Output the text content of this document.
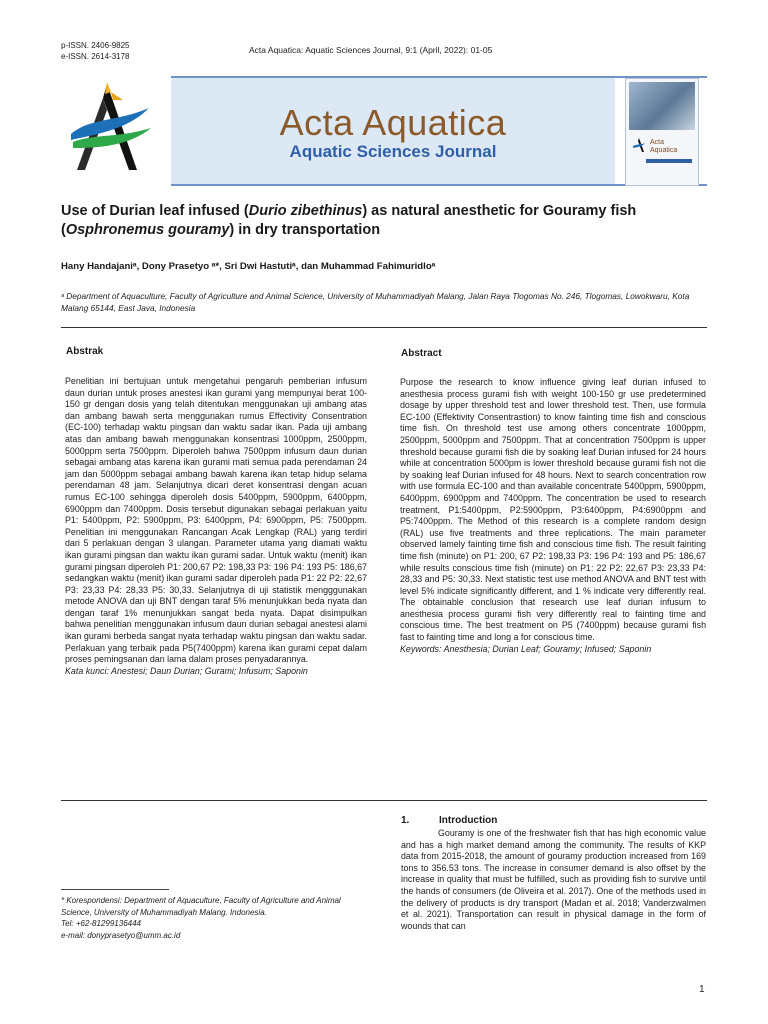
p-ISSN. 2406-9825
e-ISSN. 2614-3178
Acta Aquatica: Aquatic Sciences Journal, 9:1 (April, 2022): 01-05
Acta Aquatica
Aquatic Sciences Journal	Acta
Aquatica
Use of Durian leaf infused (Durio zibethinus) as natural anesthetic for Gouramy fish (Osphronemus gouramy) in dry transportation
Hany Handajaniᵃ, Dony Prasetyo ᵃ*, Sri Dwi Hastutiᵃ, dan Muhammad Fahimuridloᵃ
ᵃ Department of Aquaculture, Faculty of Agriculture and Animal Science, University of Muhammadiyah Malang, Jalan Raya Tlogomas No. 246, Tlogomas, Lowokwaru, Kota Malang 65144, East Java, Indonesia
Abstrak
Penelitian ini bertujuan untuk mengetahui pengaruh pemberian infusum daun durian untuk proses anestesi ikan gurami yang mempunyai berat 100-150 gr dengan dosis yang telah ditentukan menggunakan uji ambang atas dan ambang bawah serta menggunakan rumus Effectivity Consentration (EC-100) terhadap waktu pingsan dan waktu sadar ikan. Pada uji ambang atas dan ambang bawah menggunakan konsentrasi 1000ppm, 2500ppm, 5000ppm serta 7500ppm. Diperoleh bahwa 7500ppm infusum daun durian sebagai ambang atas karena ikan gurami mati semua pada perendaman 24 jam dan 5000ppm sebagai ambang bawah karena ikan tetap hidup selama perendaman 48 jam. Selanjutnya dicari deret konsentrasi dengan acuan rumus EC-100 sehingga diperoleh dosis 5400ppm, 5900ppm, 6400ppm, 6900ppm dan 7400ppm. Dosis tersebut digunakan sebagai perlakuan yaitu P1: 5400ppm, P2: 5900ppm, P3: 6400ppm, P4: 6900ppm, P5: 7500ppm. Penelitian ini menggunakan Rancangan Acak Lengkap (RAL) yang terdiri dari 5 perlakuan dengan 3 ulangan. Parameter utama yang diamati waktu ikan gurami pingsan dan waktu ikan gurami sadar. Untuk waktu (menit) ikan gurami pingsan diperoleh P1: 200,67 P2: 198,33 P3: 196 P4: 193 P5: 186,67 sedangkan waktu (menit) ikan gurami sadar diperoleh pada P1: 22 P2: 22,67 P3: 23,33 P4: 28,33 P5: 30,33. Selanjutnya di uji statistik mengggunakan metode ANOVA dan uji BNT dengan taraf 5% menunjukkan beda nyata dan dengan taraf 1% menunjukkan sangat beda nyata. Dapat disimpulkan bahwa penelitian menggunakan infusum daun durian sebagai anestesi alami ikan gurami berbeda sangat nyata terhadap waktu pingsan dan waktu sadar. Perlakuan yang terbaik pada P5(7400ppm) karena ikan gurami cepat dalam proses pemingsanan dan lama dalam proses penyadarannya.
Kata kunci: Anestesi; Daun Durian; Gurami; Infusum; Saponin
Abstract
Purpose the research to know influence giving leaf durian infused to anesthesia process gurami fish with weight 100-150 gr use predetermined dosage by upper threshold test and lower threshold test. Then, use formula EC-100 (Effektivity Consentrastion) to know fainting time fish and conscious time fish. On threshold test use among others concentrate 1000ppm, 2500ppm, 5000ppm and 7500ppm. That at concentration 7500ppm is upper threshold because gurami fish die by soaking leaf Durian infused for 24 hours while at concentration 5000pm is lower threshold because gurami fish not die by soaking leaf Durian infused for 48 hours. Next to search concentration row with use formula EC-100 and than available concentrate 5400ppm, 5900ppm, 6400ppm, 6900ppm and 7400ppm. The concentration be used to research treatment, P1:5400ppm, P2:5900ppm, P3:6400ppm, P4:6900ppm and P5:7400ppm. The Method of this research is a complete random design (RAL) use five treatments and three replications. The main parameter observed lamely fainting time fish and conscious time fish. The result fainting time fish (minute) on P1: 200, 67 P2: 198,33 P3: 196 P4: 193 and P5: 186,67 while results conscious time fish (minute) on P1: 22 P2: 22,67 P3: 23,33 P4: 28,33 and P5: 30,33. Next statistic test use method ANOVA and BNT test with level 5% indicate significantly different, and 1 % indicate very differently real. The obtainable conclusion that research use leaf durian infusum to anesthesia process gurami fish very differently real to fainting time and conscious time. The best treatment on P5 (7400ppm) because gurami fish fast to fainting time and long a for conscious time.
Keywords: Anesthesia; Durian Leaf; Gouramy; Infused; Saponin
1.	Introduction
Gouramy is one of the freshwater fish that has high economic value and has a high market demand among the community. The results of KKP data from 2015-2018, the amount of gouramy production increased from 169 tons to 356.53 tons. The increase in consumer demand is also offset by the increase in quality that must be fulfilled, such as providing fish to survive until the hands of consumers (de Oliveira et al. 2017). One of the methods used in the delivery of products is dry transport (Madan et al. 2018; Vanderzwalmen et al. 2021). Transportation can result in physical damage in the form of wounds that can
* Korespondensi: Department of Aquaculture, Faculty of Agriculture and Animal Science, University of Muhammadiyah Malang. Indonesia.
Tel: +62-81299136444
e-mail: donyprasetyo@umm.ac.id
1
